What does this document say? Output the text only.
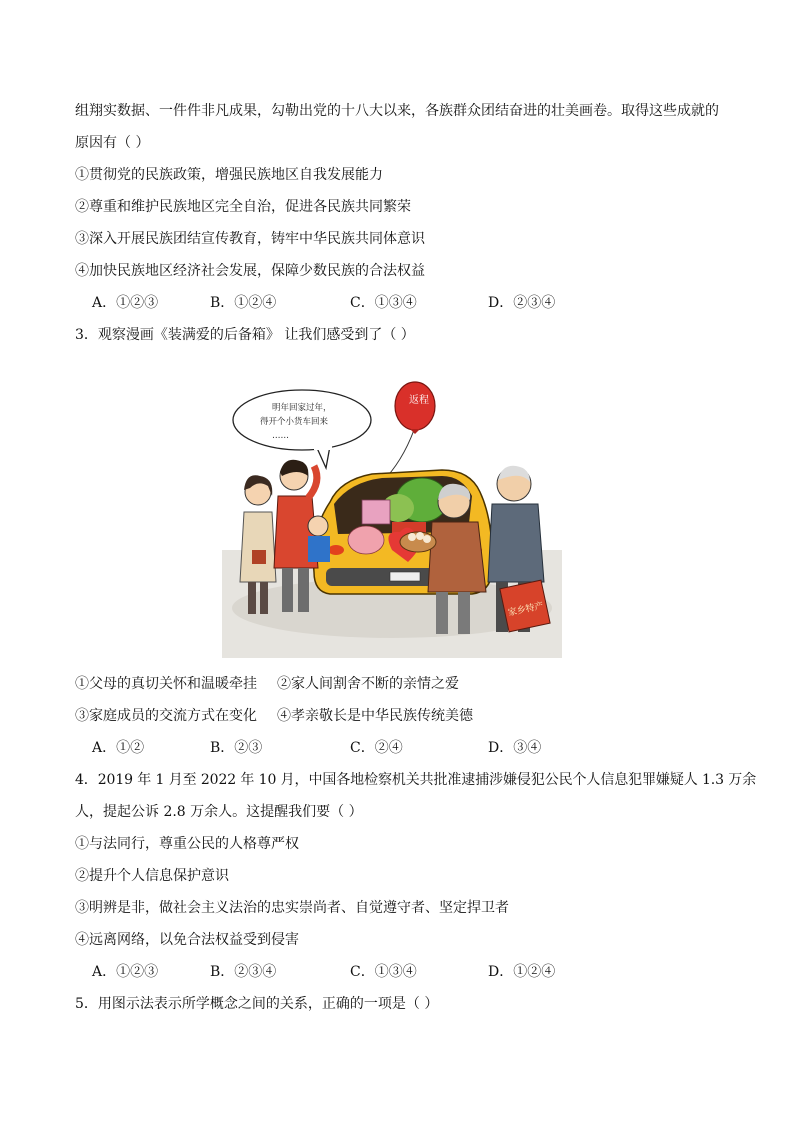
组翔实数据、一件件非凡成果，勾勒出党的十八大以来，各族群众团结奋进的壮美画卷。取得这些成就的
原因有（ ）
①贯彻党的民族政策，增强民族地区自我发展能力
②尊重和维护民族地区完全自治，促进各民族共同繁荣
③深入开展民族团结宣传教育，铸牢中华民族共同体意识
④加快民族地区经济社会发展，保障少数民族的合法权益
A．①②③	B．①②④	C．①③④	D．②③④
3．观察漫画《装满爱的后备箱》 让我们感受到了（ ）
明年回家过年，
得开个小货车回来
……
返程
家乡特产
①父母的真切关怀和温暖牵挂 ②家人间割舍不断的亲情之爱
③家庭成员的交流方式在变化 ④孝亲敬长是中华民族传统美德
A．①②	B．②③	C．②④	D．③④
4．2019 年 1 月至 2022 年 10 月，中国各地检察机关共批准逮捕涉嫌侵犯公民个人信息犯罪嫌疑人 1.3 万余
人，提起公诉 2.8 万余人。这提醒我们要（ ）
①与法同行，尊重公民的人格尊严权
②提升个人信息保护意识
③明辨是非，做社会主义法治的忠实崇尚者、自觉遵守者、坚定捍卫者
④远离网络，以免合法权益受到侵害
A．①②③	B．②③④	C．①③④	D．①②④
5．用图示法表示所学概念之间的关系，正确的一项是（ ）
